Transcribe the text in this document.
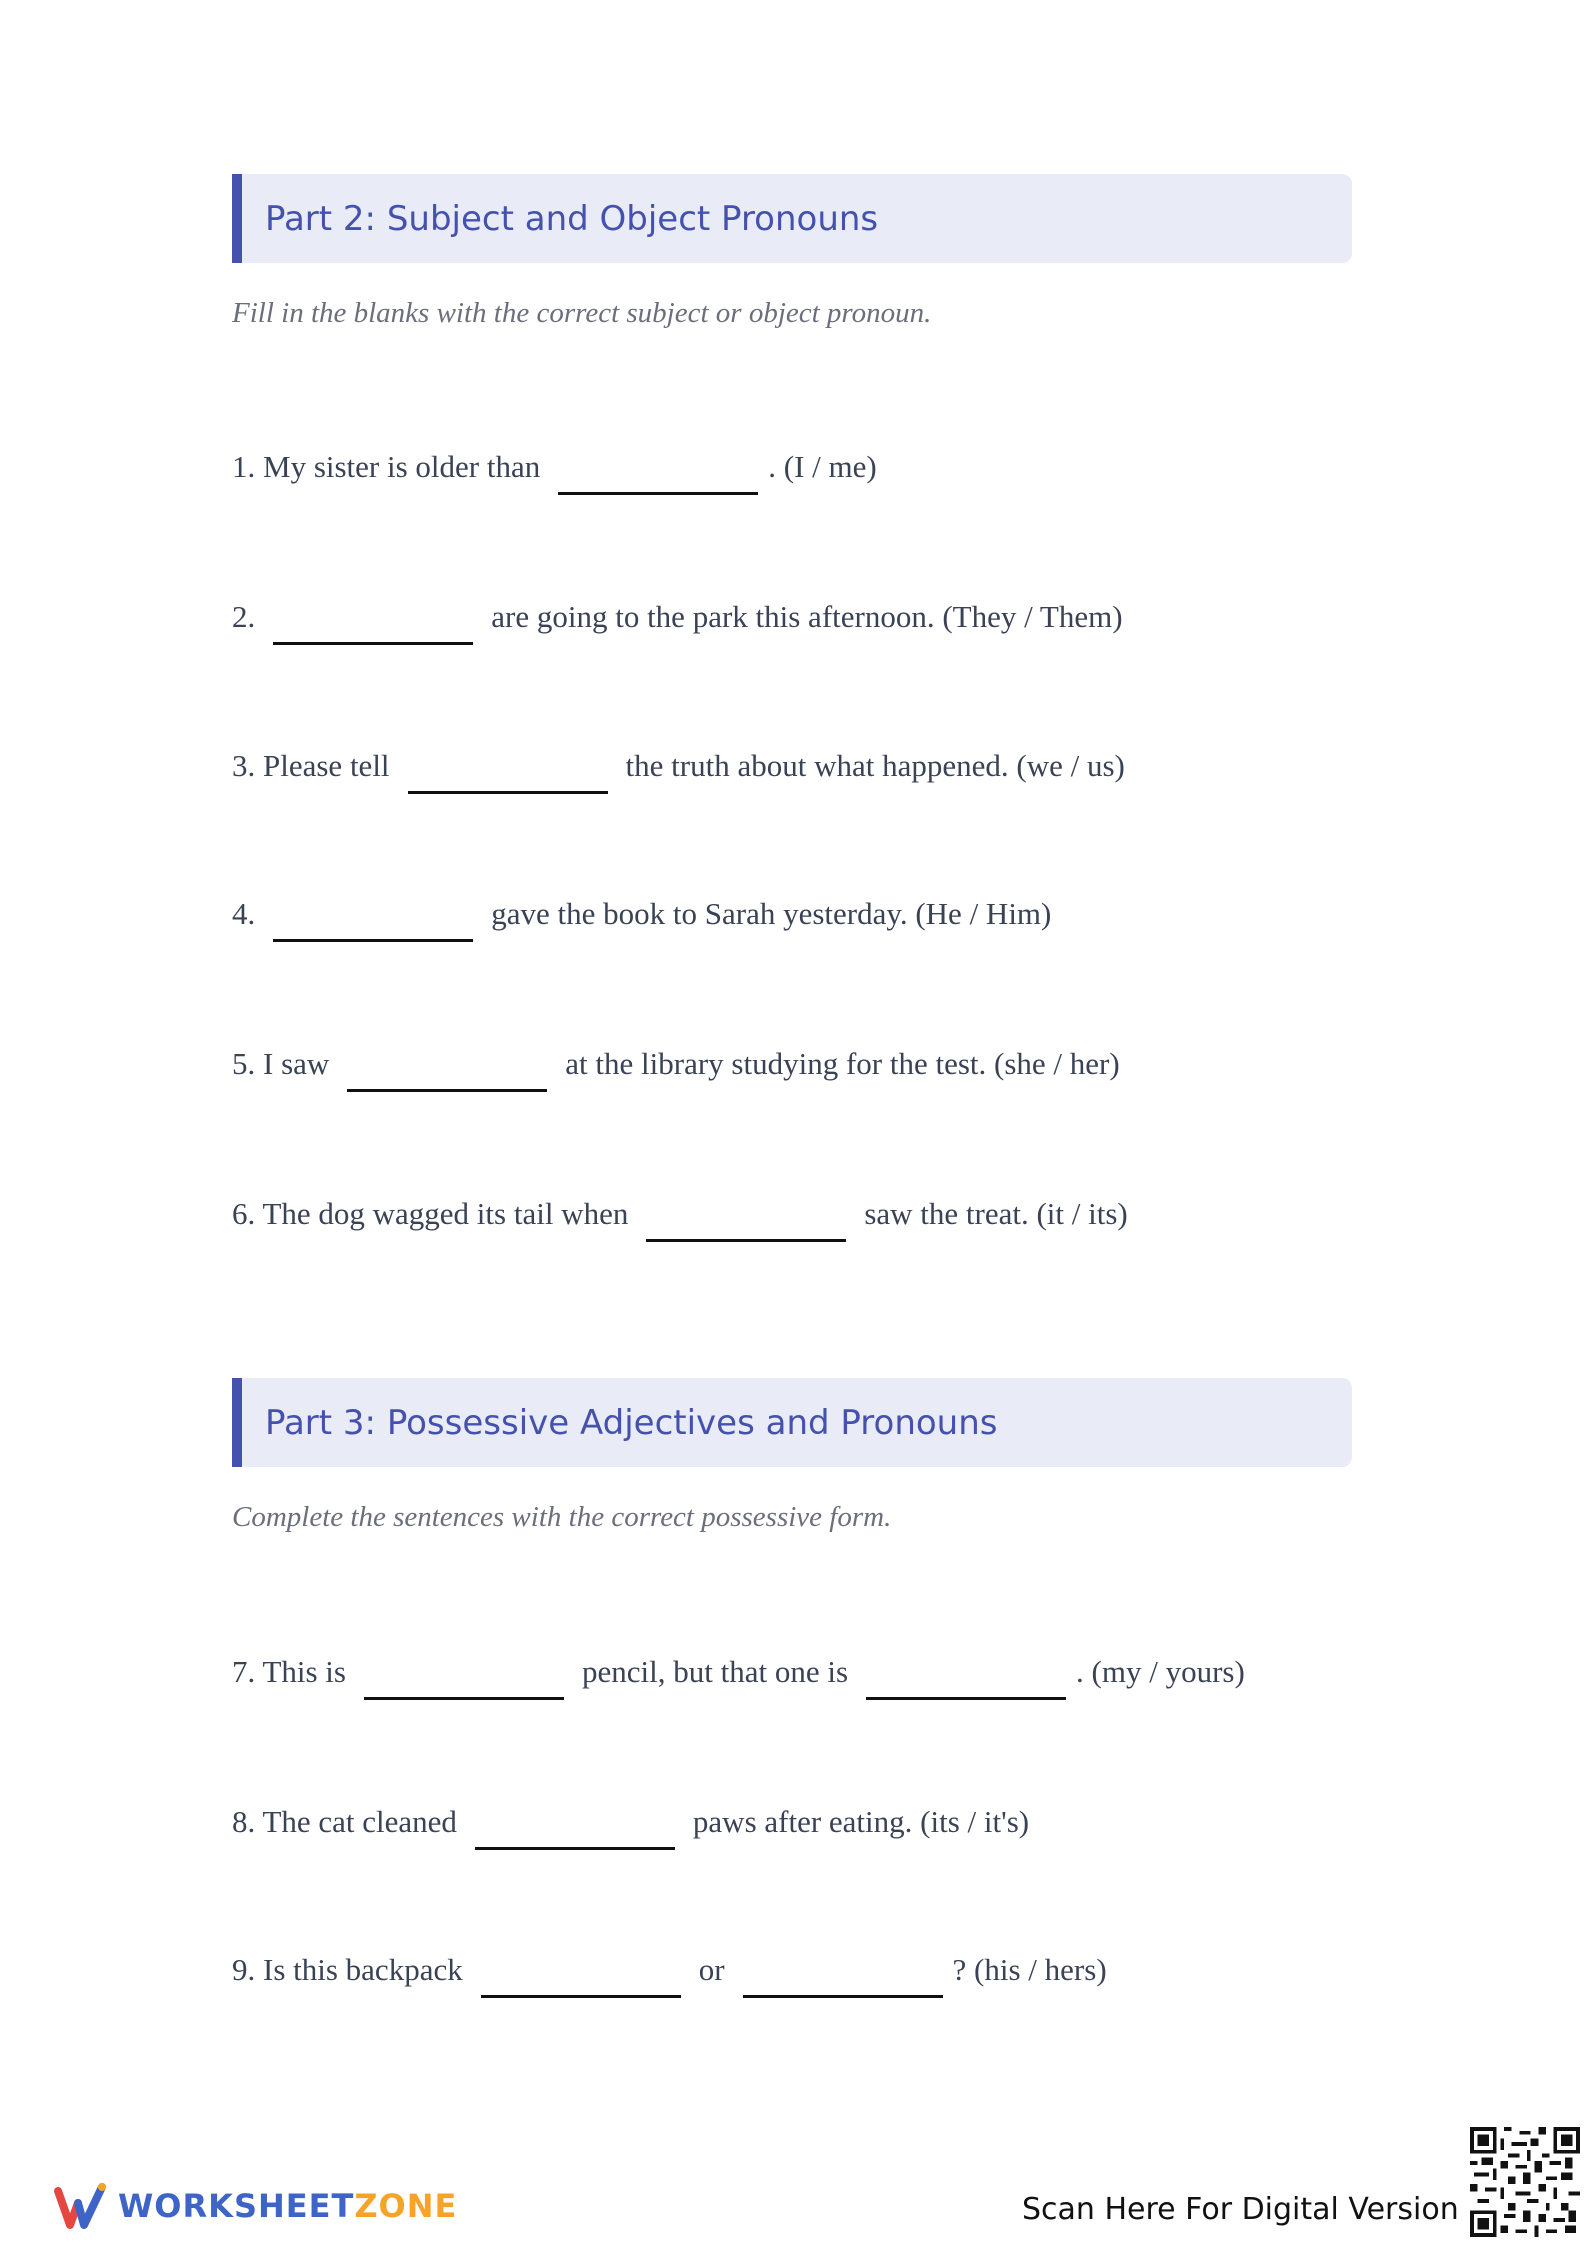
Part 2: Subject and Object Pronouns
Fill in the blanks with the correct subject or object pronoun.
1. My sister is older than	. (I / me)
2.	are going to the park this afternoon. (They / Them)
3. Please tell	the truth about what happened. (we / us)
4.	gave the book to Sarah yesterday. (He / Him)
5. I saw	at the library studying for the test. (she / her)
6. The dog wagged its tail when	saw the treat. (it / its)
Part 3: Possessive Adjectives and Pronouns
Complete the sentences with the correct possessive form.
7. This is	pencil, but that one is	. (my / yours)
8. The cat cleaned	paws after eating. (its / it's)
9. Is this backpack	or	? (his / hers)
WORKSHEETZONE	Scan Here For Digital Version
